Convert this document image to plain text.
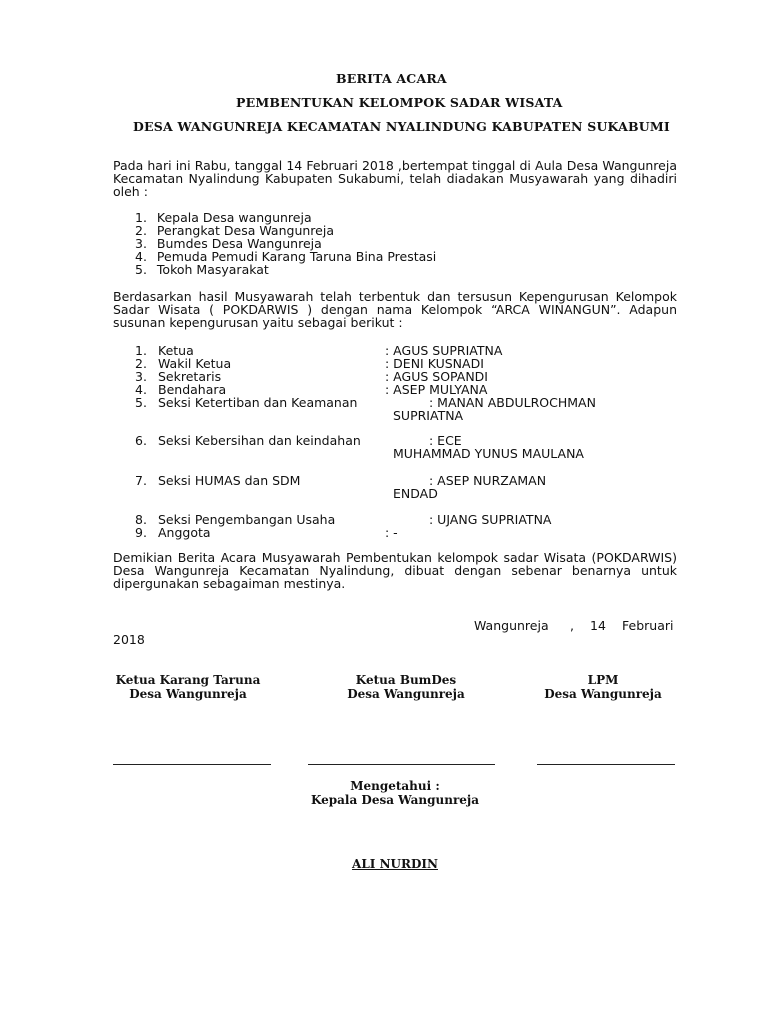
BERITA ACARA
PEMBENTUKAN KELOMPOK SADAR WISATA
DESA WANGUNREJA KECAMATAN NYALINDUNG KABUPATEN SUKABUMI
Pada hari ini Rabu, tanggal 14 Februari 2018 ,bertempat tinggal di Aula Desa Wangunreja Kecamatan Nyalindung Kabupaten Sukabumi, telah diadakan Musyawarah yang dihadiri oleh :
1. Kepala Desa wangunreja
2. Perangkat Desa Wangunreja
3. Bumdes Desa Wangunreja
4. Pemuda Pemudi Karang Taruna Bina Prestasi
5. Tokoh Masyarakat
Berdasarkan hasil Musyawarah telah terbentuk dan tersusun Kepengurusan Kelompok Sadar Wisata ( POKDARWIS ) dengan nama Kelompok “ARCA WINANGUN”. Adapun susunan kepengurusan yaitu sebagai berikut :
1. Ketua	: AGUS SUPRIATNA
2. Wakil Ketua	: DENI KUSNADI
3. Sekretaris	: AGUS SOPANDI
4. Bendahara	: ASEP MULYANA
5. Seksi Ketertiban dan Keamanan	: MANAN ABDULROCHMAN
SUPRIATNA
6. Seksi Kebersihan dan keindahan	: ECE
MUHAMMAD YUNUS MAULANA
7. Seksi HUMAS dan SDM	: ASEP NURZAMAN
ENDAD
8. Seksi Pengembangan Usaha	: UJANG SUPRIATNA
9. Anggota	: -
Demikian Berita Acara Musyawarah Pembentukan kelompok sadar Wisata (POKDARWIS) Desa Wangunreja Kecamatan Nyalindung, dibuat dengan sebenar benarnya untuk dipergunakan sebagaiman mestinya.
Wangunreja , 14 Februari
2018
Ketua Karang Taruna
Desa Wangunreja
Ketua BumDes
Desa Wangunreja
LPM
Desa Wangunreja
Mengetahui :
Kepala Desa Wangunreja
ALI NURDIN
